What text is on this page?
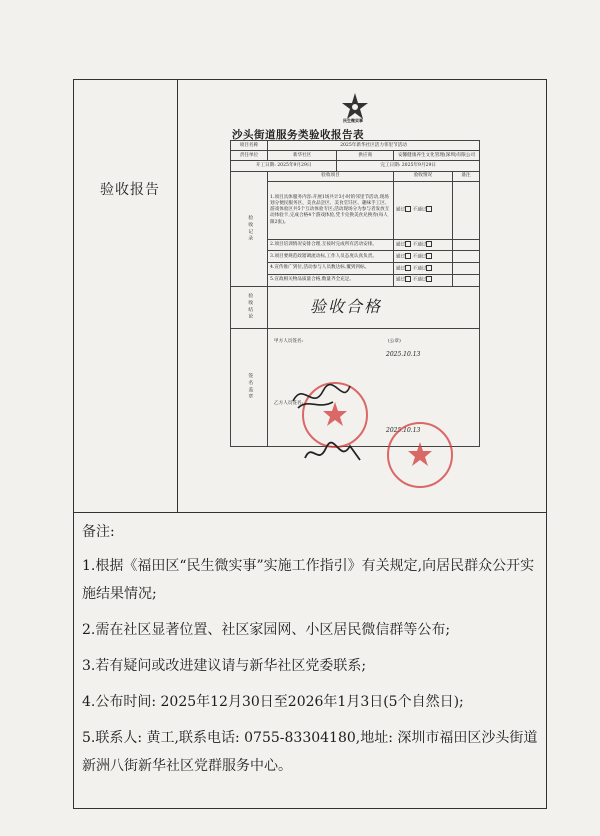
验收报告
民生微实事
沙头街道服务类验收报告表
项目名称	2025年新华社区活力邻里节活动			
责任单位	新华社区	供应商	安馨健康养生文化管理(深圳)有限公司	
开工日期: 2025年9月29日		完工日期: 2025年9月29日		
验收记录	验收项目		验收情况	备注
	1.项目具体服务内容:开展1场共计3小时的邻里节活动,现场划分便民服务区、美食品尝区、美食烹饪区、趣味手工区、游戏体验区共5个互动体验专区;活动现场分为参与者发放互动体验卡,完成合格4个游戏体验,凭卡兑换美食兑换券(每人限2张)。		通过 不通过	
	2.项目培训情况安排合理,互按时完成所有活动安排。		通过 不通过	
	3.项目要规范政辖调流动标,工作人员态度认真负责。		通过 不通过	
	4.宣传推广到位,活动参与人员数达标,覆到到标。		通过 不通过	
	5.宣政相关物品质量合格,数量齐全充足。		通过 不通过	
验收结论	验收合格			
签名盖章	甲方人员签名: (公章)
2025.10.13
乙方人员签名:
2025.10.13			

备注:

1.根据《福田区“民生微实事”实施工作指引》有关规定,向居民群众公开实施结果情况;

2.需在社区显著位置、社区家园网、小区居民微信群等公布;

3.若有疑问或改进建议请与新华社区党委联系;

4.公布时间: 2025年12月30日至2026年1月3日(5个自然日);

5.联系人: 黄工,联系电话: 0755-83304180,地址: 深圳市福田区沙头街道新洲八街新华社区党群服务中心。
